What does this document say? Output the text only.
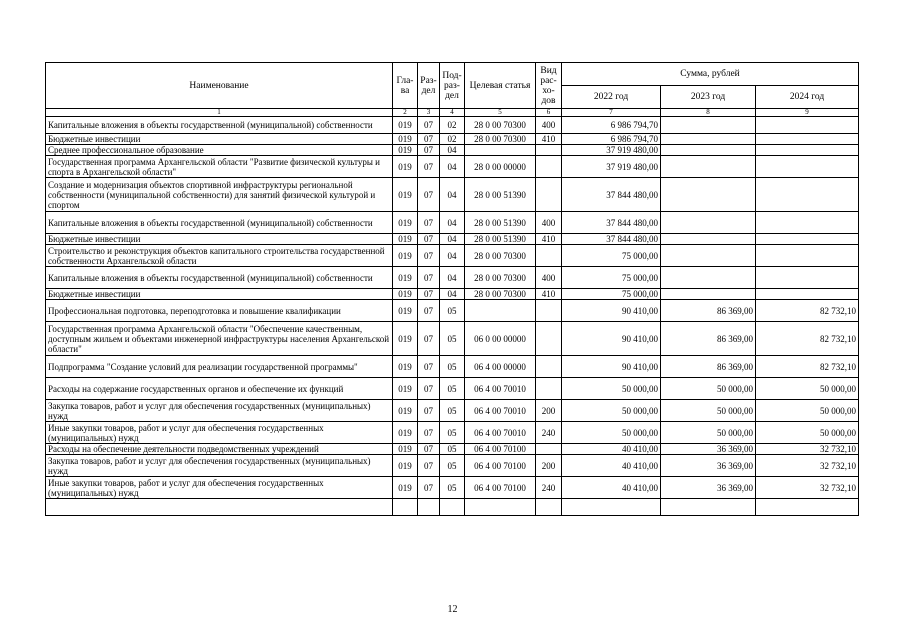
Наименование	Гла-ва	Раз-дел	Под-раз-дел	Целевая статья	Вид рас-хо-дов	Сумма, рублей		
						2022 год	2023 год	2024 год
1	2	3	4	5	6	7	8	9
Капитальные вложения в объекты государственной (муниципальной) собственности	019	07	02	28 0 00 70300	400	6 986 794,70		
Бюджетные инвестиции	019	07	02	28 0 00 70300	410	6 986 794,70		
Среднее профессиональное образование	019	07	04			37 919 480,00		
Государственная программа Архангельской области "Развитие физической культуры и спорта в Архангельской области"	019	07	04	28 0 00 00000		37 919 480,00		
Создание и модернизация объектов спортивной инфраструктуры региональной собственности (муниципальной собственности) для занятий физической культурой и спортом	019	07	04	28 0 00 51390		37 844 480,00		
Капитальные вложения в объекты государственной (муниципальной) собственности	019	07	04	28 0 00 51390	400	37 844 480,00		
Бюджетные инвестиции	019	07	04	28 0 00 51390	410	37 844 480,00		
Строительство и реконструкция объектов капитального строительства государственной собственности Архангельской области	019	07	04	28 0 00 70300		75 000,00		
Капитальные вложения в объекты государственной (муниципальной) собственности	019	07	04	28 0 00 70300	400	75 000,00		
Бюджетные инвестиции	019	07	04	28 0 00 70300	410	75 000,00		
Профессиональная подготовка, переподготовка и повышение квалификации	019	07	05			90 410,00	86 369,00	82 732,10
Государственная программа Архангельской области "Обеспечение качественным, доступным жильем и объектами инженерной инфраструктуры населения Архангельской области"	019	07	05	06 0 00 00000		90 410,00	86 369,00	82 732,10
Подпрограмма "Создание условий для реализации государственной программы"	019	07	05	06 4 00 00000		90 410,00	86 369,00	82 732,10
Расходы на содержание государственных органов и обеспечение их функций	019	07	05	06 4 00 70010		50 000,00	50 000,00	50 000,00
Закупка товаров, работ и услуг для обеспечения государственных (муниципальных) нужд	019	07	05	06 4 00 70010	200	50 000,00	50 000,00	50 000,00
Иные закупки товаров, работ и услуг для обеспечения государственных (муниципальных) нужд	019	07	05	06 4 00 70010	240	50 000,00	50 000,00	50 000,00
Расходы на обеспечение деятельности подведомственных учреждений	019	07	05	06 4 00 70100		40 410,00	36 369,00	32 732,10
Закупка товаров, работ и услуг для обеспечения государственных (муниципальных) нужд	019	07	05	06 4 00 70100	200	40 410,00	36 369,00	32 732,10
Иные закупки товаров, работ и услуг для обеспечения государственных (муниципальных) нужд	019	07	05	06 4 00 70100	240	40 410,00	36 369,00	32 732,10

12
